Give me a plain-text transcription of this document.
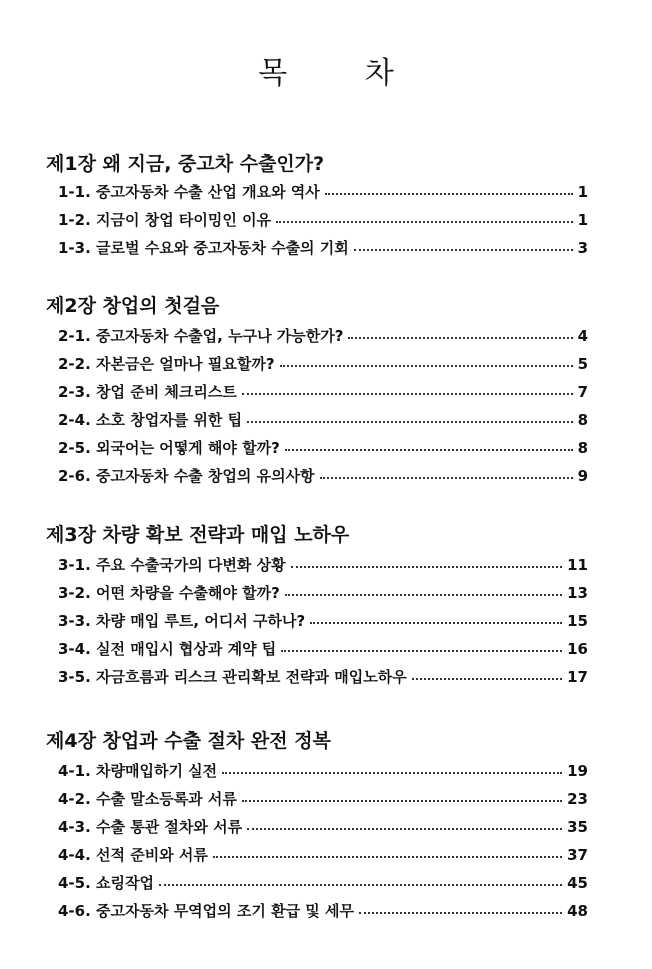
목 차
제1장 왜 지금, 중고차 수출인가?
1-1. 중고자동차 수출 산업 개요와 역사	1
1-2. 지금이 창업 타이밍인 이유	1
1-3. 글로벌 수요와 중고자동차 수출의 기회	3
제2장 창업의 첫걸음
2-1. 중고자동차 수출업, 누구나 가능한가?	4
2-2. 자본금은 얼마나 필요할까?	5
2-3. 창업 준비 체크리스트	7
2-4. 소호 창업자를 위한 팁	8
2-5. 외국어는 어떻게 해야 할까?	8
2-6. 중고자동차 수출 창업의 유의사항	9
제3장 차량 확보 전략과 매입 노하우
3-1. 주요 수출국가의 다변화 상황	11
3-2. 어떤 차량을 수출해야 할까?	13
3-3. 차량 매입 루트, 어디서 구하나?	15
3-4. 실전 매입시 협상과 계약 팁	16
3-5. 자금흐름과 리스크 관리확보 전략과 매입노하우	17
제4장 창업과 수출 절차 완전 정복
4-1. 차량매입하기 실전	19
4-2. 수출 말소등록과 서류	23
4-3. 수출 통관 절차와 서류	35
4-4. 선적 준비와 서류	37
4-5. 쇼링작업	45
4-6. 중고자동차 무역업의 조기 환급 및 세무	48
